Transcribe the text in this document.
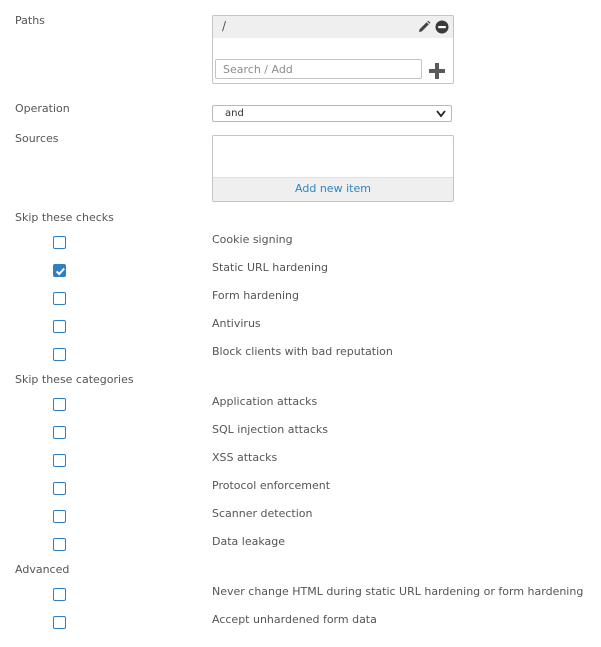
Paths	/
Search / Add
Operation	and
Sources
Add new item
Skip these checks
Cookie signing
Static URL hardening
Form hardening
Antivirus
Block clients with bad reputation
Skip these categories
Application attacks
SQL injection attacks
XSS attacks
Protocol enforcement
Scanner detection
Data leakage
Advanced
Never change HTML during static URL hardening or form hardening
Accept unhardened form data
